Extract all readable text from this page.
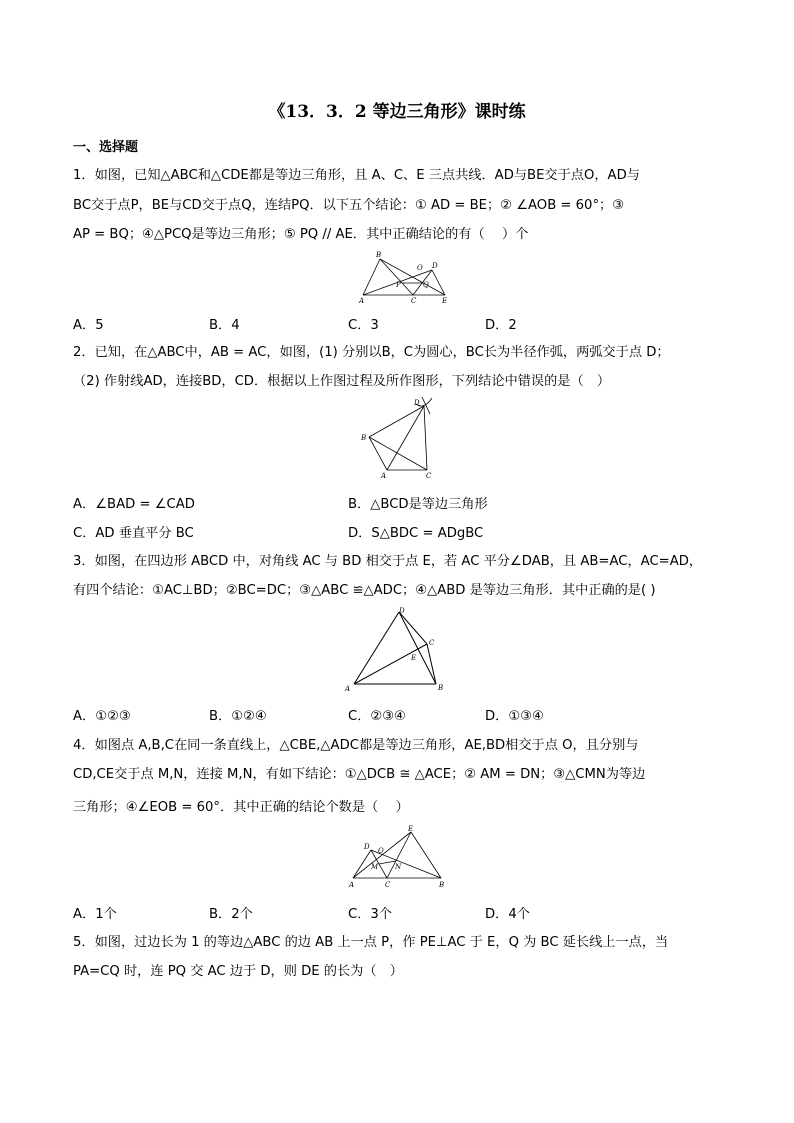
《13．3．2 等边三角形》课时练
一、选择题
1．如图，已知△ABC和△CDE都是等边三角形，且 A、C、E 三点共线．AD与BE交于点O，AD与
BC交于点P，BE与CD交于点Q，连结PQ．以下五个结论：① AD = BE；② ∠AOB = 60°；③
AP = BQ；④△PCQ是等边三角形；⑤ PQ // AE．其中正确结论的有（　 ）个
B
O D
A
P
C
Q
E
A．5	B．4	C．3	D．2
2．已知，在△ABC中，AB = AC，如图，(1) 分别以B，C为圆心，BC长为半径作弧，两弧交于点 D；
（2) 作射线AD，连接BD，CD．根据以上作图过程及所作图形，下列结论中错误的是（　）
D
B
A	C
A．∠BAD = ∠CAD	B．△BCD是等边三角形
C．AD 垂直平分 BC	D．S△BDC = ADgBC
3．如图，在四边形 ABCD 中，对角线 AC 与 BD 相交于点 E，若 AC 平分∠DAB，且 AB=AC，AC=AD，
有四个结论：①AC⊥BD；②BC=DC；③△ABC ≌△ADC；④△ABD 是等边三角形．其中正确的是( )
D
C
E
A	B
A．①②③	B．①②④	C．②③④	D．①③④
4．如图点 A,B,C在同一条直线上，△CBE,△ADC都是等边三角形，AE,BD相交于点 O，且分别与
CD,CE交于点 M,N，连接 M,N，有如下结论：①△DCB ≅ △ACE；② AM = DN；③△CMN为等边
三角形；④∠EOB = 60°．其中正确的结论个数是（　 ）
E
D O
M N
A	C	B
A．1个	B．2个	C．3个	D．4个
5．如图，过边长为 1 的等边△ABC 的边 AB 上一点 P，作 PE⊥AC 于 E，Q 为 BC 延长线上一点，当
PA=CQ 时，连 PQ 交 AC 边于 D，则 DE 的长为（　）
